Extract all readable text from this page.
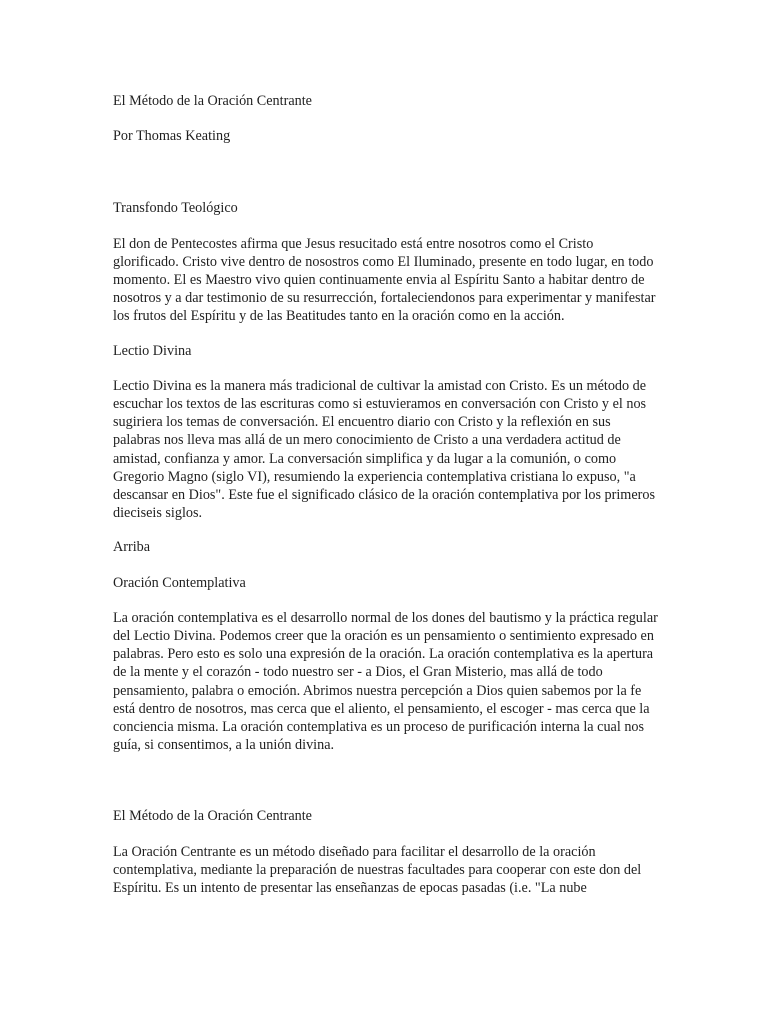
El Método de la Oración Centrante

Por Thomas Keating

Transfondo Teológico

El don de Pentecostes afirma que Jesus resucitado está entre nosotros como el Cristo glorificado. Cristo vive dentro de nosostros como El Iluminado, presente en todo lugar, en todo momento. El es Maestro vivo quien continuamente envia al Espíritu Santo a habitar dentro de nosotros y a dar testimonio de su resurrección, fortaleciendonos para experimentar y manifestar los frutos del Espíritu y de las Beatitudes tanto en la oración como en la acción.

Lectio Divina

Lectio Divina es la manera más tradicional de cultivar la amistad con Cristo. Es un método de escuchar los textos de las escrituras como si estuvieramos en conversación con Cristo y el nos sugiriera los temas de conversación. El encuentro diario con Cristo y la reflexión en sus palabras nos lleva mas allá de un mero conocimiento de Cristo a una verdadera actitud de amistad, confianza y amor. La conversación simplifica y da lugar a la comunión, o como Gregorio Magno (siglo VI), resumiendo la experiencia contemplativa cristiana lo expuso, "a descansar en Dios". Este fue el significado clásico de la oración contemplativa por los primeros dieciseis siglos.

Arriba

Oración Contemplativa

La oración contemplativa es el desarrollo normal de los dones del bautismo y la práctica regular del Lectio Divina. Podemos creer que la oración es un pensamiento o sentimiento expresado en palabras. Pero esto es solo una expresión de la oración. La oración contemplativa es la apertura de la mente y el corazón - todo nuestro ser - a Dios, el Gran Misterio, mas allá de todo pensamiento, palabra o emoción. Abrimos nuestra percepción a Dios quien sabemos por la fe está dentro de nosotros, mas cerca que el aliento, el pensamiento, el escoger - mas cerca que la conciencia misma. La oración contemplativa es un proceso de purificación interna la cual nos guía, si consentimos, a la unión divina.

El Método de la Oración Centrante

La Oración Centrante es un método diseñado para facilitar el desarrollo de la oración contemplativa, mediante la preparación de nuestras facultades para cooperar con este don del Espíritu. Es un intento de presentar las enseñanzas de epocas pasadas (i.e. "La nube
